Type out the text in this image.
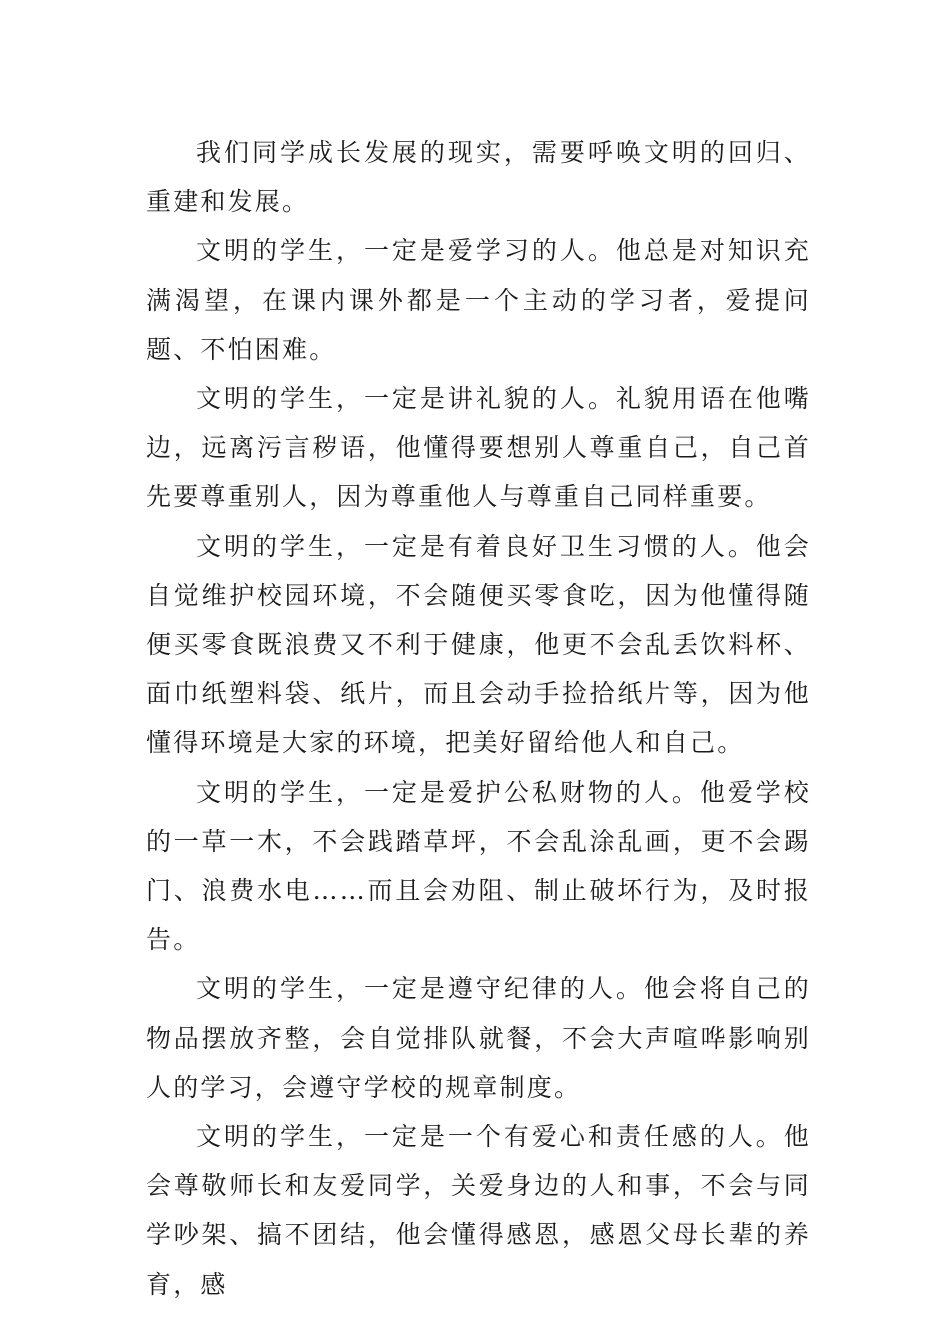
我们同学成长发展的现实，需要呼唤文明的回归、重建和发展。

文明的学生，一定是爱学习的人。他总是对知识充满渴望，在课内课外都是一个主动的学习者，爱提问题、不怕困难。

文明的学生，一定是讲礼貌的人。礼貌用语在他嘴边，远离污言秽语，他懂得要想别人尊重自己，自己首先要尊重别人，因为尊重他人与尊重自己同样重要。

文明的学生，一定是有着良好卫生习惯的人。他会自觉维护校园环境，不会随便买零食吃，因为他懂得随便买零食既浪费又不利于健康，他更不会乱丢饮料杯、面巾纸塑料袋、纸片，而且会动手捡拾纸片等，因为他懂得环境是大家的环境，把美好留给他人和自己。

文明的学生，一定是爱护公私财物的人。他爱学校的一草一木，不会践踏草坪，不会乱涂乱画，更不会踢门、浪费水电……而且会劝阻、制止破坏行为，及时报告。

文明的学生，一定是遵守纪律的人。他会将自己的物品摆放齐整，会自觉排队就餐，不会大声喧哗影响别人的学习，会遵守学校的规章制度。

文明的学生，一定是一个有爱心和责任感的人。他会尊敬师长和友爱同学，关爱身边的人和事，不会与同学吵架、搞不团结，他会懂得感恩，感恩父母长辈的养育，感
